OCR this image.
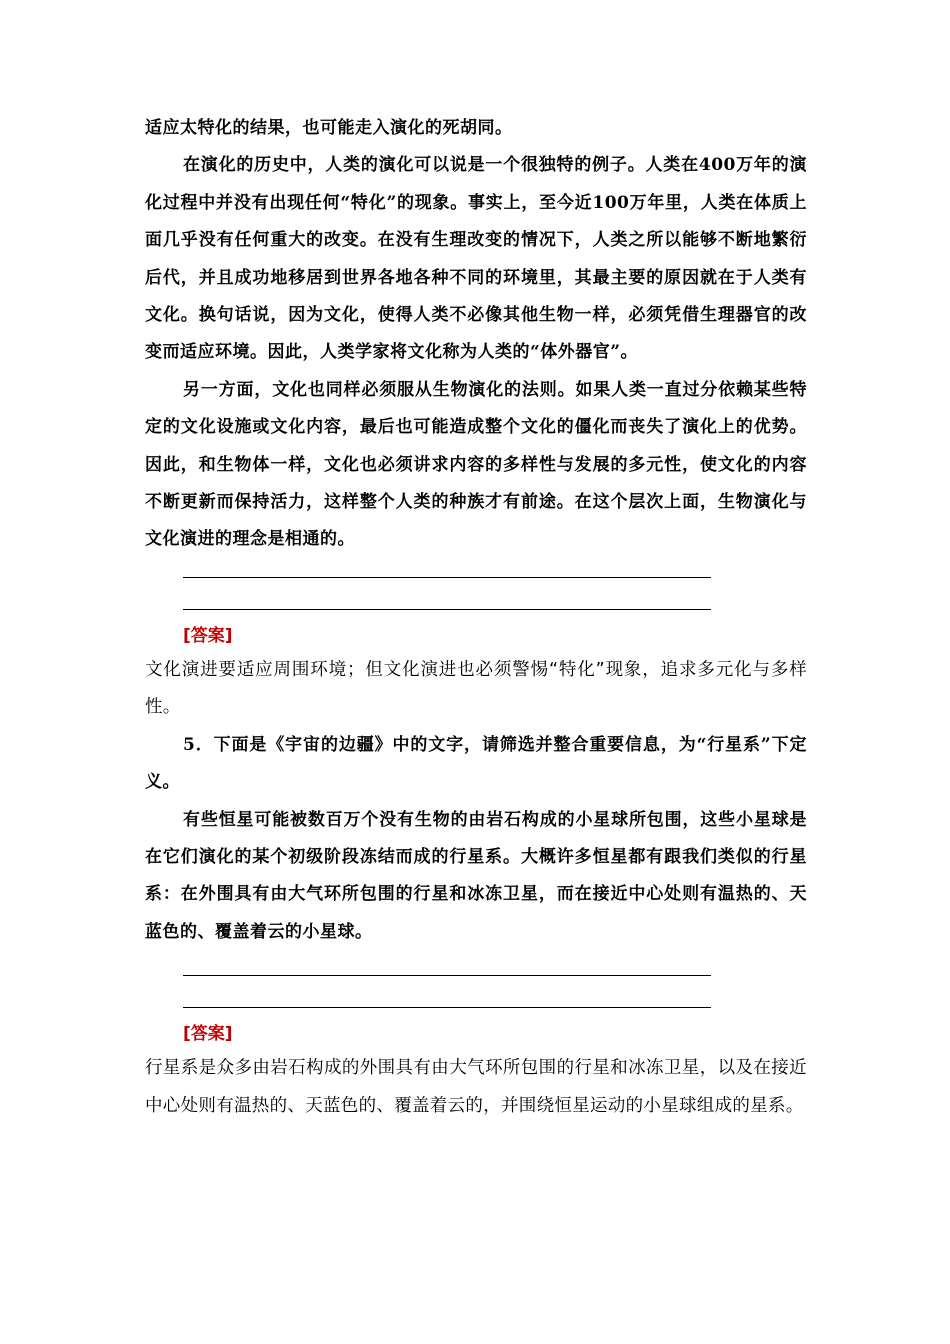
适应太特化的结果，也可能走入演化的死胡同。

在演化的历史中，人类的演化可以说是一个很独特的例子。人类在400万年的演化过程中并没有出现任何“特化”的现象。事实上，至今近100万年里，人类在体质上面几乎没有任何重大的改变。在没有生理改变的情况下，人类之所以能够不断地繁衍后代，并且成功地移居到世界各地各种不同的环境里，其最主要的原因就在于人类有文化。换句话说，因为文化，使得人类不必像其他生物一样，必须凭借生理器官的改变而适应环境。因此，人类学家将文化称为人类的“体外器官”。

另一方面，文化也同样必须服从生物演化的法则。如果人类一直过分依赖某些特定的文化设施或文化内容，最后也可能造成整个文化的僵化而丧失了演化上的优势。因此，和生物体一样，文化也必须讲求内容的多样性与发展的多元性，使文化的内容不断更新而保持活力，这样整个人类的种族才有前途。在这个层次上面，生物演化与文化演进的理念是相通的。

[答案]

文化演进要适应周围环境；但文化演进也必须警惕“特化”现象，追求多元化与多样性。

5．下面是《宇宙的边疆》中的文字，请筛选并整合重要信息，为“行星系”下定义。

有些恒星可能被数百万个没有生物的由岩石构成的小星球所包围，这些小星球是在它们演化的某个初级阶段冻结而成的行星系。大概许多恒星都有跟我们类似的行星系：在外围具有由大气环所包围的行星和冰冻卫星，而在接近中心处则有温热的、天蓝色的、覆盖着云的小星球。

[答案]

行星系是众多由岩石构成的外围具有由大气环所包围的行星和冰冻卫星，以及在接近中心处则有温热的、天蓝色的、覆盖着云的，并围绕恒星运动的小星球组成的星系。
